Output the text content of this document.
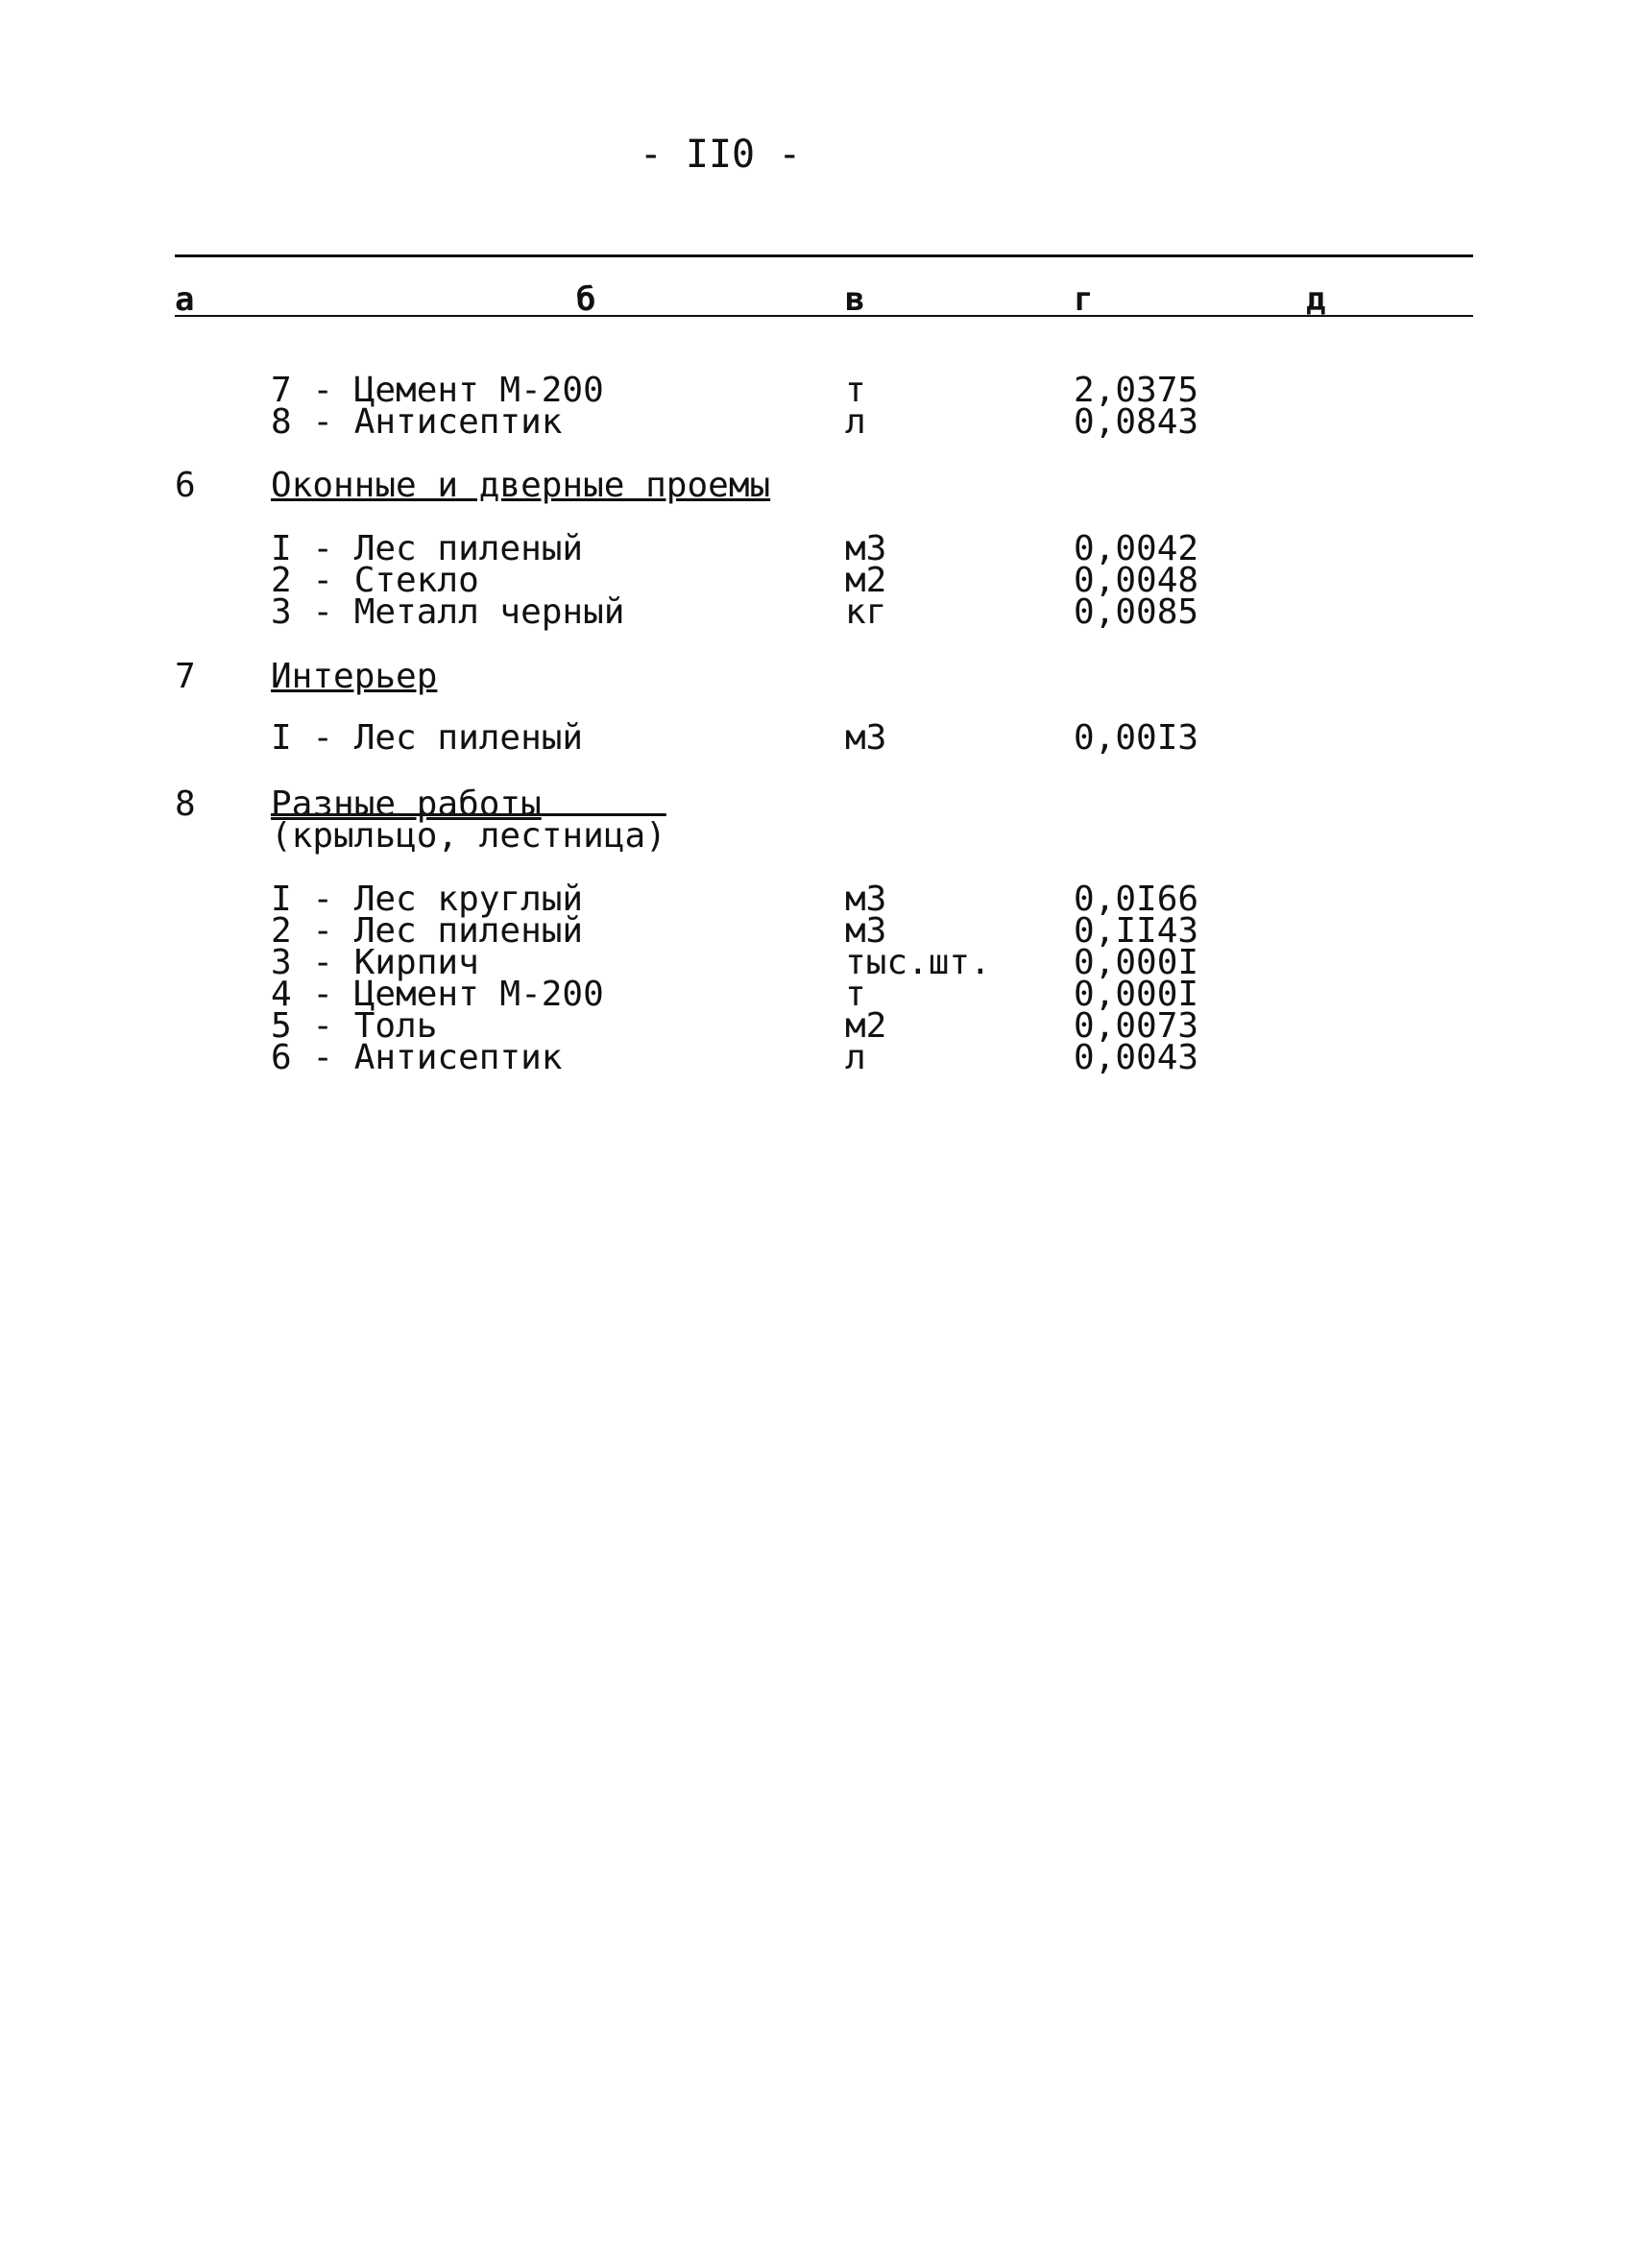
- II0 -
а	б	в	г	д
7 - Цемент М-200	т	2,0375
8 - Антисептик	л	0,0843
6 Оконные и дверные проемы
I - Лес пиленый	м3	0,0042
2 - Стекло	м2	0,0048
3 - Металл черный	кг	0,0085
7 Интерьер
I - Лес пиленый	м3	0,00I3
8 Разные работы
(крыльцо, лестница)
I - Лес круглый	м3	0,0I66
2 - Лес пиленый	м3	0,II43
3 - Кирпич	тыс.шт. 0,000I
4 - Цемент М-200	т	0,000I
5 - Толь	м2	0,0073
6 - Антисептик	л	0,0043
